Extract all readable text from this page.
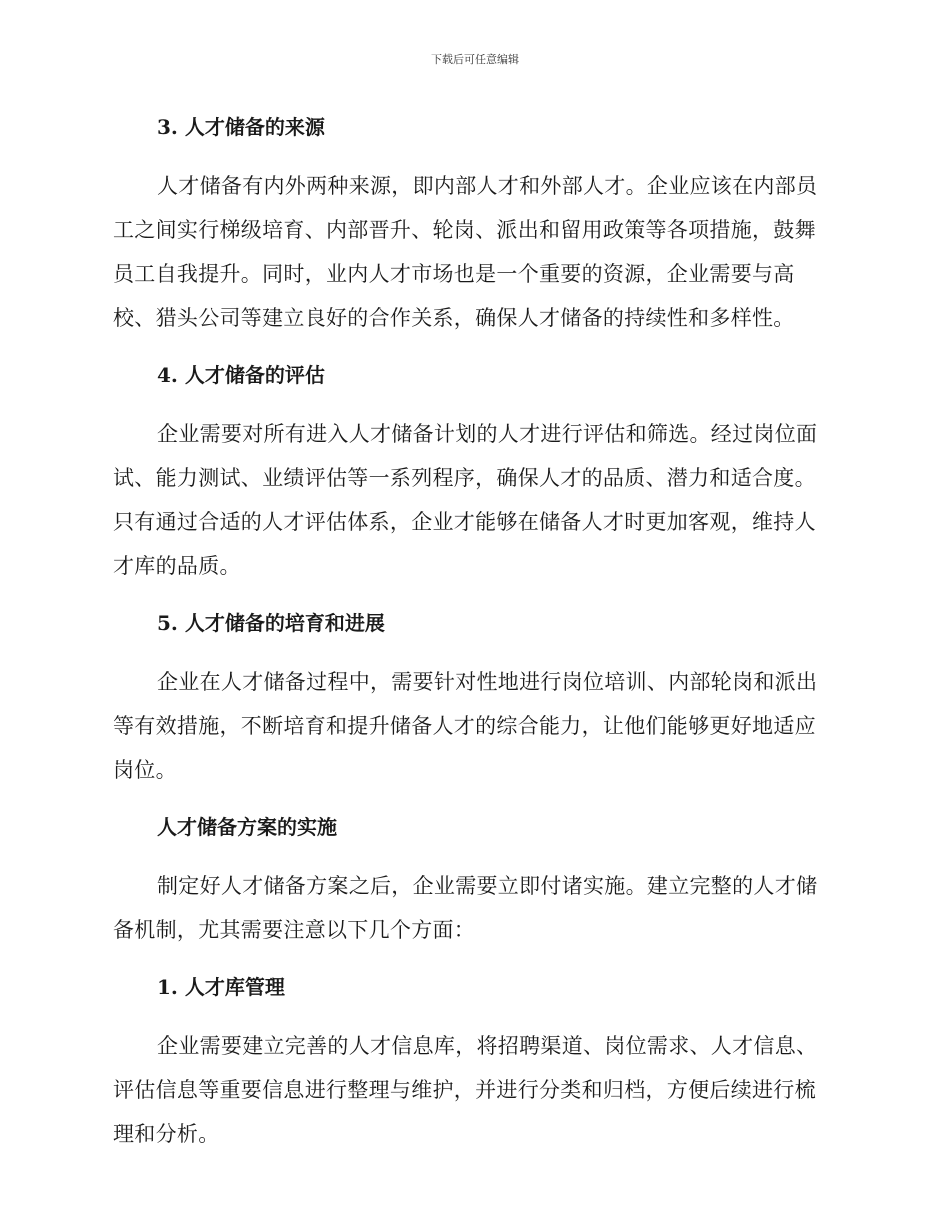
下载后可任意编辑
3. 人才储备的来源

人才储备有内外两种来源，即内部人才和外部人才。企业应该在内部员
工之间实行梯级培育、内部晋升、轮岗、派出和留用政策等各项措施，鼓舞
员工自我提升。同时，业内人才市场也是一个重要的资源，企业需要与高
校、猎头公司等建立良好的合作关系，确保人才储备的持续性和多样性。

4. 人才储备的评估

企业需要对所有进入人才储备计划的人才进行评估和筛选。经过岗位面
试、能力测试、业绩评估等一系列程序，确保人才的品质、潜力和适合度。
只有通过合适的人才评估体系，企业才能够在储备人才时更加客观，维持人
才库的品质。

5. 人才储备的培育和进展

企业在人才储备过程中，需要针对性地进行岗位培训、内部轮岗和派出
等有效措施，不断培育和提升储备人才的综合能力，让他们能够更好地适应
岗位。

人才储备方案的实施

制定好人才储备方案之后，企业需要立即付诸实施。建立完整的人才储
备机制，尤其需要注意以下几个方面：

1. 人才库管理

企业需要建立完善的人才信息库，将招聘渠道、岗位需求、人才信息、
评估信息等重要信息进行整理与维护，并进行分类和归档，方便后续进行梳
理和分析。
